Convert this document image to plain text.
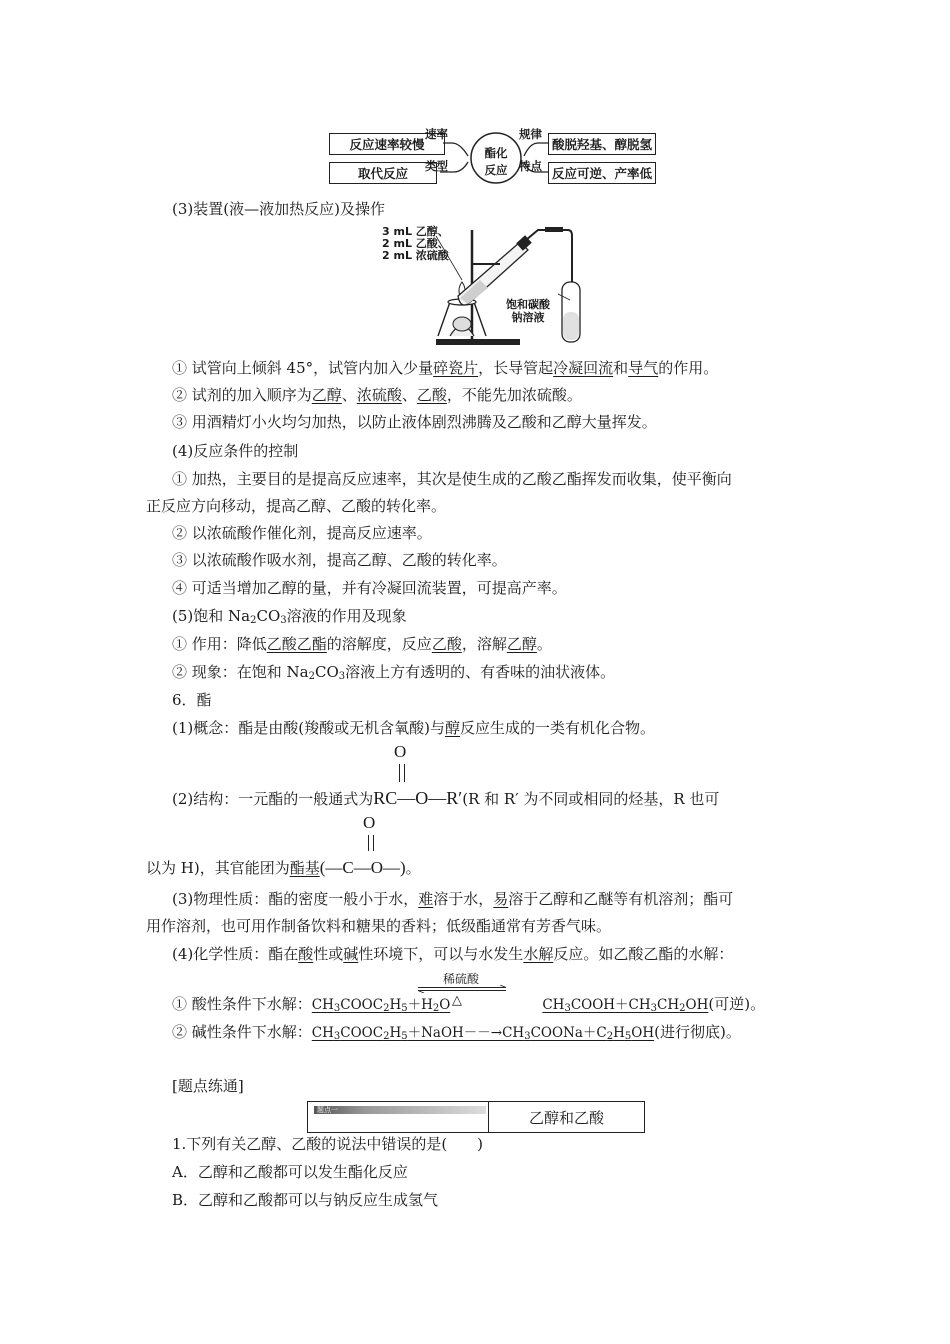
反应速率较慢
取代反应
酸脱羟基、醇脱氢
反应可逆、产率低
酯化
反应
速率
类型
规律
特点
(3)装置(液—液加热反应)及操作
3 mL 乙醇、
2 mL 乙酸、
2 mL 浓硫酸
饱和碳酸
钠溶液
① 试管向上倾斜 45°，试管内加入少量碎瓷片，长导管起冷凝回流和导气的作用。
② 试剂的加入顺序为乙醇、浓硫酸、乙酸，不能先加浓硫酸。
③ 用酒精灯小火均匀加热，以防止液体剧烈沸腾及乙酸和乙醇大量挥发。
(4)反应条件的控制
① 加热，主要目的是提高反应速率，其次是使生成的乙酸乙酯挥发而收集，使平衡向
正反应方向移动，提高乙醇、乙酸的转化率。
② 以浓硫酸作催化剂，提高反应速率。
③ 以浓硫酸作吸水剂，提高乙醇、乙酸的转化率。
④ 可适当增加乙醇的量，并有冷凝回流装置，可提高产率。
(5)饱和 $Na_2CO_3$溶液的作用及现象
① 作用：降低乙酸乙酯的溶解度，反应乙酸，溶解乙醇。
② 现象：在饱和 $Na_2CO_3$溶液上方有透明的、有香味的油状液体。
6．酯
(1)概念：酯是由酸(羧酸或无机含氧酸)与醇反应生成的一类有机化合物。
O
(2)结构：一元酯的一般通式为RC—O—R′(R 和 R′ 为不同或相同的烃基，R 也可
O
以为 H)，其官能团为酯基(—C—O—)。
(3)物理性质：酯的密度一般小于水，难溶于水，易溶于乙醇和乙醚等有机溶剂；酯可
用作溶剂，也可用作制备饮料和糖果的香料；低级酯通常有芳香气味。
(4)化学性质：酯在酸性或碱性环境下，可以与水发生水解反应。如乙酸乙酯的水解：
① 酸性条件下水解：$CH_3COOC_2H_5+H_2O$	$CH_3COOH+CH_3CH_2OH$(可逆)。
稀硫酸
△
② 碱性条件下水解：$CH_3COOC_2H_5+NaOH--\to CH_3COONa+C_2H_5OH$(进行彻底)。
[题点练通]
题点一	乙醇和乙酸
1.下列有关乙醇、乙酸的说法中错误的是(　　)
A．乙醇和乙酸都可以发生酯化反应
B．乙醇和乙酸都可以与钠反应生成氢气
